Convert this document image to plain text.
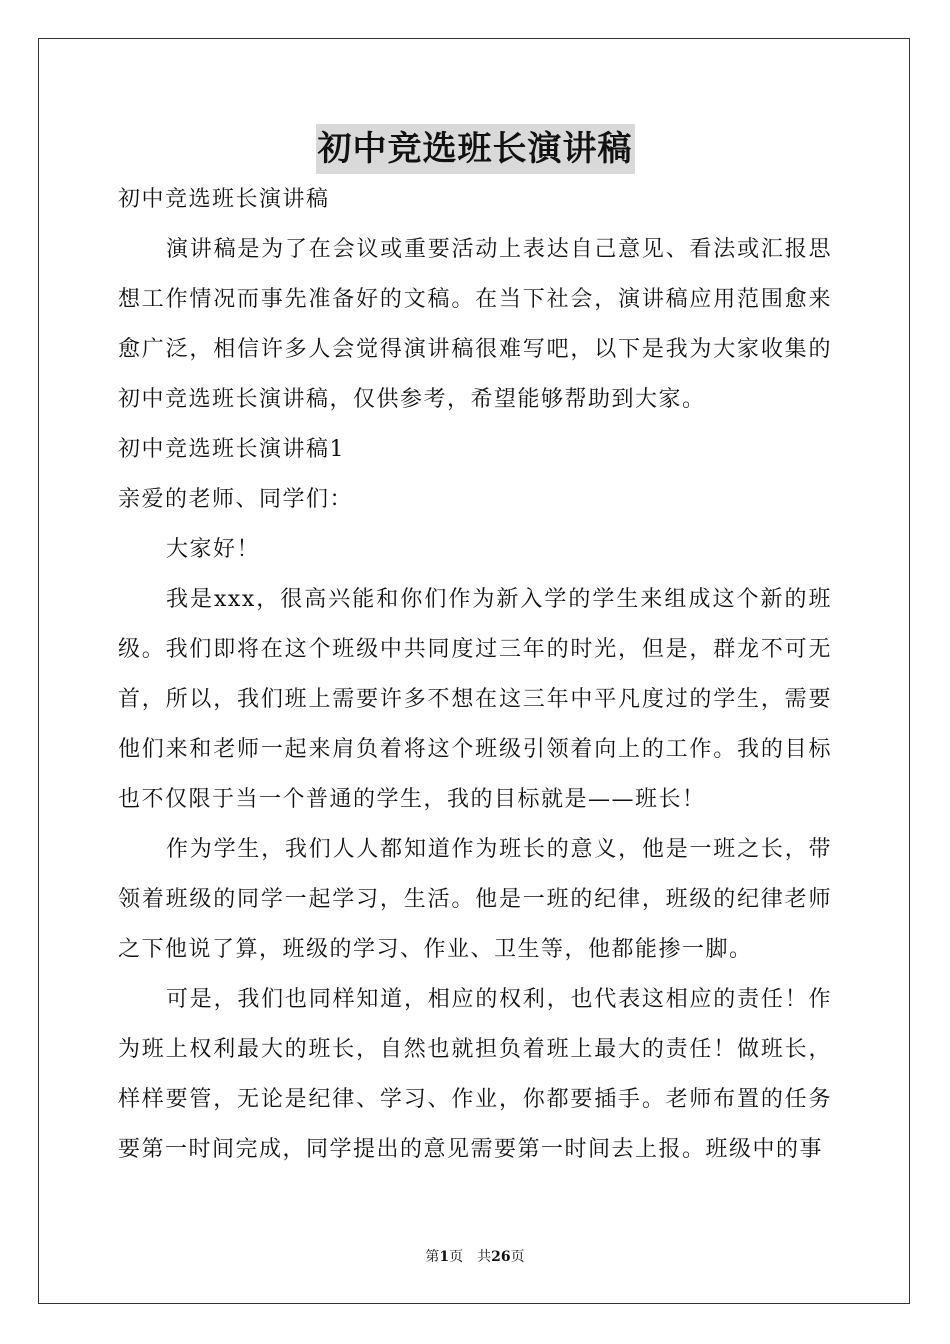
初中竞选班长演讲稿

初中竞选班长演讲稿

演讲稿是为了在会议或重要活动上表达自己意见、看法或汇报思想工作情况而事先准备好的文稿。在当下社会，演讲稿应用范围愈来愈广泛，相信许多人会觉得演讲稿很难写吧，以下是我为大家收集的初中竞选班长演讲稿，仅供参考，希望能够帮助到大家。

初中竞选班长演讲稿1

亲爱的老师、同学们：

大家好！

我是xxx，很高兴能和你们作为新入学的学生来组成这个新的班级。我们即将在这个班级中共同度过三年的时光，但是，群龙不可无首，所以，我们班上需要许多不想在这三年中平凡度过的学生，需要他们来和老师一起来肩负着将这个班级引领着向上的工作。我的目标也不仅限于当一个普通的学生，我的目标就是——班长！

作为学生，我们人人都知道作为班长的意义，他是一班之长，带领着班级的同学一起学习，生活。他是一班的纪律，班级的纪律老师之下他说了算，班级的学习、作业、卫生等，他都能掺一脚。

可是，我们也同样知道，相应的权利，也代表这相应的责任！作为班上权利最大的班长，自然也就担负着班上最大的责任！做班长，样样要管，无论是纪律、学习、作业，你都要插手。老师布置的任务要第一时间完成，同学提出的意见需要第一时间去上报。班级中的事

第1页 共26页
